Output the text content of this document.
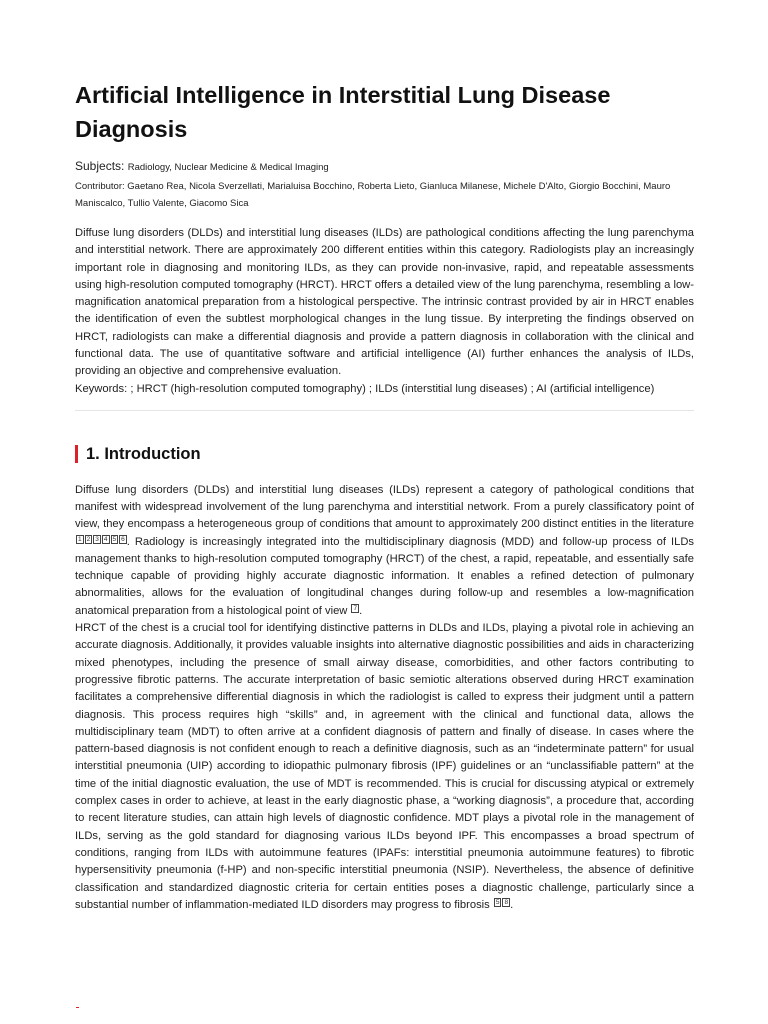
Artificial Intelligence in Interstitial Lung Disease Diagnosis
Subjects: Radiology, Nuclear Medicine & Medical Imaging
Contributor: Gaetano Rea, Nicola Sverzellati, Marialuisa Bocchino, Roberta Lieto, Gianluca Milanese, Michele D'Alto, Giorgio Bocchini, Mauro Maniscalco, Tullio Valente, Giacomo Sica

Diffuse lung disorders (DLDs) and interstitial lung diseases (ILDs) are pathological conditions affecting the lung parenchyma and interstitial network. There are approximately 200 different entities within this category. Radiologists play an increasingly important role in diagnosing and monitoring ILDs, as they can provide non-invasive, rapid, and repeatable assessments using high-resolution computed tomography (HRCT). HRCT offers a detailed view of the lung parenchyma, resembling a low-magnification anatomical preparation from a histological perspective. The intrinsic contrast provided by air in HRCT enables the identification of even the subtlest morphological changes in the lung tissue. By interpreting the findings observed on HRCT, radiologists can make a differential diagnosis and provide a pattern diagnosis in collaboration with the clinical and functional data. The use of quantitative software and artificial intelligence (AI) further enhances the analysis of ILDs, providing an objective and comprehensive evaluation.

Keywords: ; HRCT (high-resolution computed tomography) ; ILDs (interstitial lung diseases) ; AI (artificial intelligence)
1. Introduction

Diffuse lung disorders (DLDs) and interstitial lung diseases (ILDs) represent a category of pathological conditions that manifest with widespread involvement of the lung parenchyma and interstitial network. From a purely classificatory point of view, they encompass a heterogeneous group of conditions that amount to approximately 200 distinct entities in the literature 1 2 3 4 5 6 . Radiology is increasingly integrated into the multidisciplinary diagnosis (MDD) and follow-up process of ILDs management thanks to high-resolution computed tomography (HRCT) of the chest, a rapid, repeatable, and essentially safe technique capable of providing highly accurate diagnostic information. It enables a refined detection of pulmonary abnormalities, allows for the evaluation of longitudinal changes during follow-up and resembles a low-magnification anatomical preparation from a histological point of view 7 .

HRCT of the chest is a crucial tool for identifying distinctive patterns in DLDs and ILDs, playing a pivotal role in achieving an accurate diagnosis. Additionally, it provides valuable insights into alternative diagnostic possibilities and aids in characterizing mixed phenotypes, including the presence of small airway disease, comorbidities, and other factors contributing to progressive fibrotic patterns. The accurate interpretation of basic semiotic alterations observed during HRCT examination facilitates a comprehensive differential diagnosis in which the radiologist is called to express their judgment until a pattern diagnosis. This process requires high “skills” and, in agreement with the clinical and functional data, allows the multidisciplinary team (MDT) to often arrive at a confident diagnosis of pattern and finally of disease. In cases where the pattern-based diagnosis is not confident enough to reach a definitive diagnosis, such as an “indeterminate pattern” for usual interstitial pneumonia (UIP) according to idiopathic pulmonary fibrosis (IPF) guidelines or an “unclassifiable pattern” at the time of the initial diagnostic evaluation, the use of MDT is recommended. This is crucial for discussing atypical or extremely complex cases in order to achieve, at least in the early diagnostic phase, a “working diagnosis”, a procedure that, according to recent literature studies, can attain high levels of diagnostic confidence. MDT plays a pivotal role in the management of ILDs, serving as the gold standard for diagnosing various ILDs beyond IPF. This encompasses a broad spectrum of conditions, ranging from ILDs with autoimmune features (IPAFs: interstitial pneumonia autoimmune features) to fibrotic hypersensitivity pneumonia (f-HP) and non-specific interstitial pneumonia (NSIP). Nevertheless, the absence of definitive classification and standardized diagnostic criteria for certain entities poses a diagnostic challenge, particularly since a substantial number of inflammation-mediated ILD disorders may progress to fibrosis 5 8 .
